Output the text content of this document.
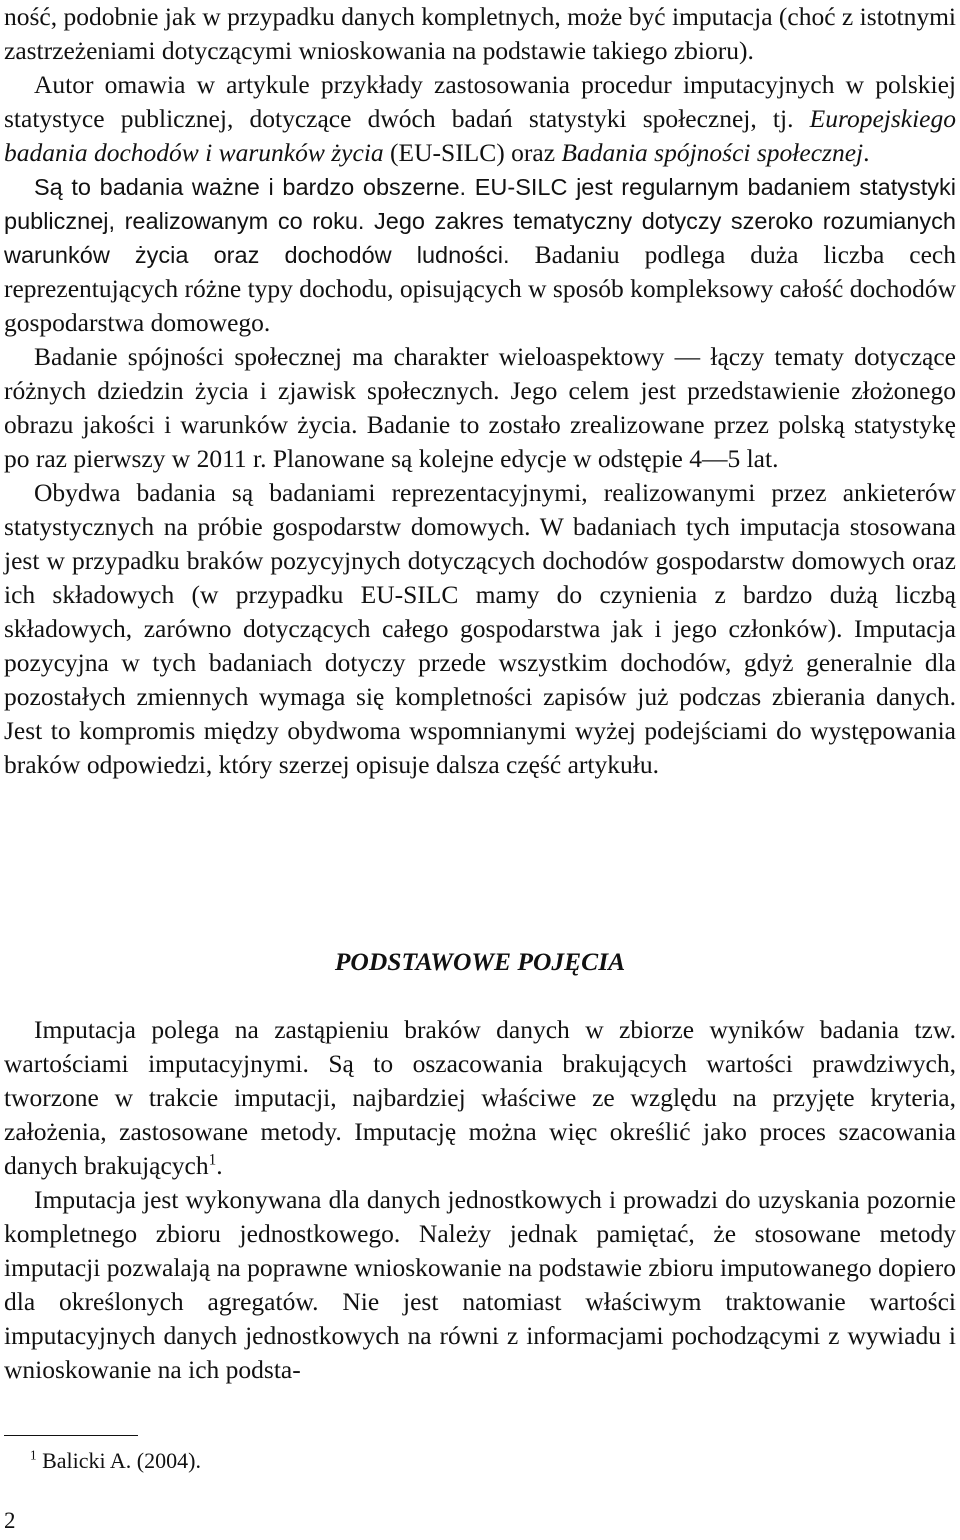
ność, podobnie jak w przypadku danych kompletnych, może być imputacja (choć z istotnymi zastrzeżeniami dotyczącymi wnioskowania na podstawie takiego zbioru).

Autor omawia w artykule przykłady zastosowania procedur imputacyjnych w polskiej statystyce publicznej, dotyczące dwóch badań statystyki społecznej, tj. Europejskiego badania dochodów i warunków życia (EU-SILC) oraz Badania spójności społecznej.

Są to badania ważne i bardzo obszerne. EU-SILC jest regularnym badaniem statystyki publicznej, realizowanym co roku. Jego zakres tematyczny dotyczy szeroko rozumianych warunków życia oraz dochodów ludności. Badaniu podlega duża liczba cech reprezentujących różne typy dochodu, opisujących w sposób kompleksowy całość dochodów gospodarstwa domowego.

Badanie spójności społecznej ma charakter wieloaspektowy — łączy tematy dotyczące różnych dziedzin życia i zjawisk społecznych. Jego celem jest przedstawienie złożonego obrazu jakości i warunków życia. Badanie to zostało zrealizowane przez polską statystykę po raz pierwszy w 2011 r. Planowane są kolejne edycje w odstępie 4—5 lat.

Obydwa badania są badaniami reprezentacyjnymi, realizowanymi przez ankieterów statystycznych na próbie gospodarstw domowych. W badaniach tych imputacja stosowana jest w przypadku braków pozycyjnych dotyczących dochodów gospodarstw domowych oraz ich składowych (w przypadku EU-SILC mamy do czynienia z bardzo dużą liczbą składowych, zarówno dotyczących całego gospodarstwa jak i jego członków). Imputacja pozycyjna w tych badaniach dotyczy przede wszystkim dochodów, gdyż generalnie dla pozostałych zmiennych wymaga się kompletności zapisów już podczas zbierania danych. Jest to kompromis między obydwoma wspomnianymi wyżej podejściami do występowania braków odpowiedzi, który szerzej opisuje dalsza część artykułu.

PODSTAWOWE POJĘCIA

Imputacja polega na zastąpieniu braków danych w zbiorze wyników badania tzw. wartościami imputacyjnymi. Są to oszacowania brakujących wartości prawdziwych, tworzone w trakcie imputacji, najbardziej właściwe ze względu na przyjęte kryteria, założenia, zastosowane metody. Imputację można więc określić jako proces szacowania danych brakujących$^1$.

Imputacja jest wykonywana dla danych jednostkowych i prowadzi do uzyskania pozornie kompletnego zbioru jednostkowego. Należy jednak pamiętać, że stosowane metody imputacji pozwalają na poprawne wnioskowanie na podstawie zbioru imputowanego dopiero dla określonych agregatów. Nie jest natomiast właściwym traktowanie wartości imputacyjnych danych jednostkowych na równi z informacjami pochodzącymi z wywiadu i wnioskowanie na ich podsta-

$^1$ Balicki A. (2004).

2
